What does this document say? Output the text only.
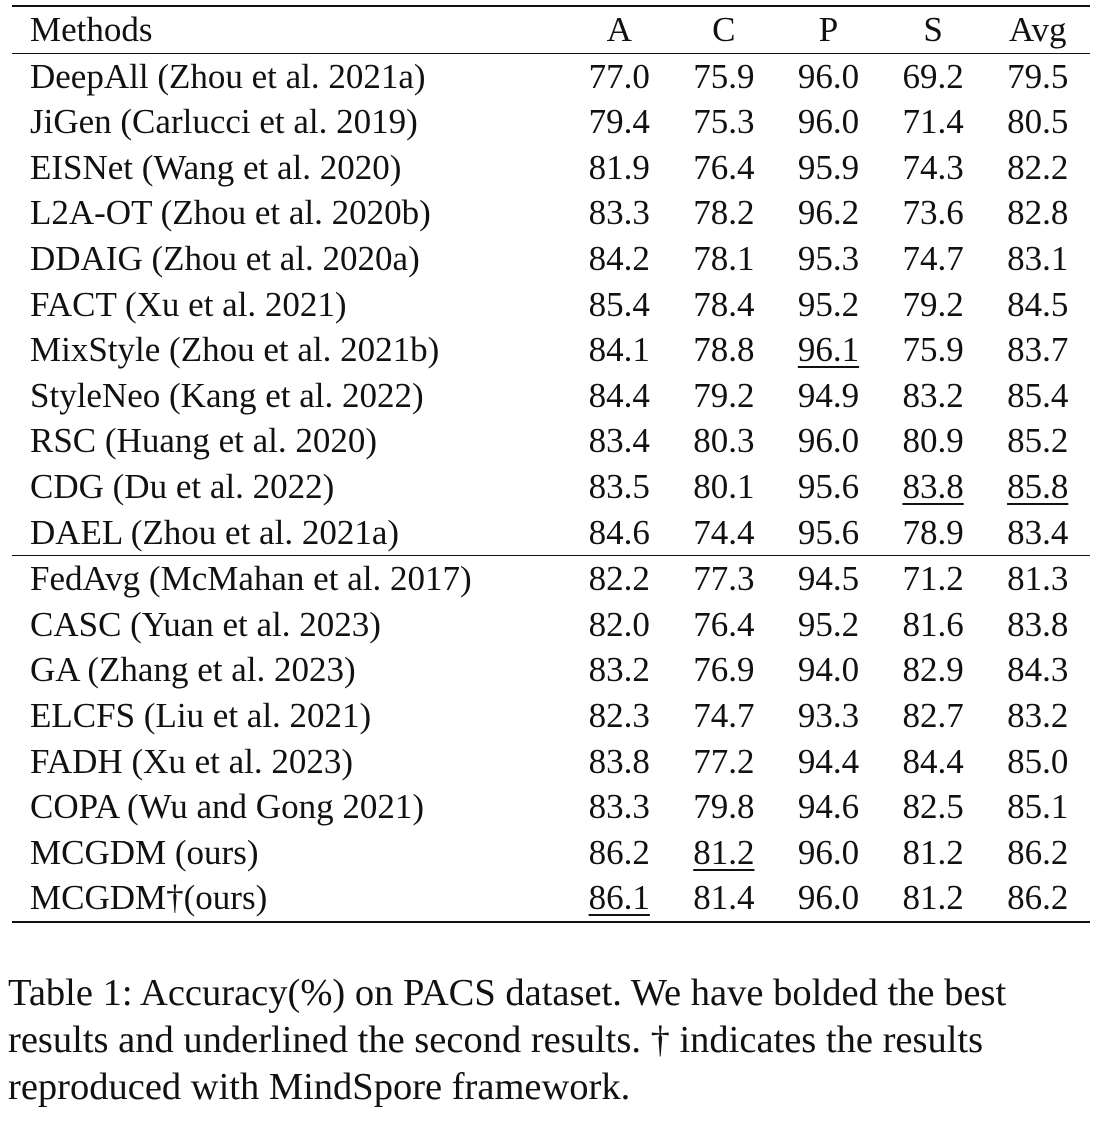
Methods	A	C	P	S	Avg
DeepAll (Zhou et al. 2021a)	77.0	75.9	96.0	69.2	79.5
JiGen (Carlucci et al. 2019)	79.4	75.3	96.0	71.4	80.5
EISNet (Wang et al. 2020)	81.9	76.4	95.9	74.3	82.2
L2A-OT (Zhou et al. 2020b)	83.3	78.2	96.2	73.6	82.8
DDAIG (Zhou et al. 2020a)	84.2	78.1	95.3	74.7	83.1
FACT (Xu et al. 2021)	85.4	78.4	95.2	79.2	84.5
MixStyle (Zhou et al. 2021b)	84.1	78.8	96.1	75.9	83.7
StyleNeo (Kang et al. 2022)	84.4	79.2	94.9	83.2	85.4
RSC (Huang et al. 2020)	83.4	80.3	96.0	80.9	85.2
CDG (Du et al. 2022)	83.5	80.1	95.6	83.8	85.8
DAEL (Zhou et al. 2021a)	84.6	74.4	95.6	78.9	83.4
FedAvg (McMahan et al. 2017)	82.2	77.3	94.5	71.2	81.3
CASC (Yuan et al. 2023)	82.0	76.4	95.2	81.6	83.8
GA (Zhang et al. 2023)	83.2	76.9	94.0	82.9	84.3
ELCFS (Liu et al. 2021)	82.3	74.7	93.3	82.7	83.2
FADH (Xu et al. 2023)	83.8	77.2	94.4	84.4	85.0
COPA (Wu and Gong 2021)	83.3	79.8	94.6	82.5	85.1
MCGDM (ours)	86.2	81.2	96.0	81.2	86.2
MCGDM†(ours)	86.1	81.4	96.0	81.2	86.2

Table 1: Accuracy(%) on PACS dataset. We have bolded the best results and underlined the second results. † indicates the results reproduced with MindSpore framework.
